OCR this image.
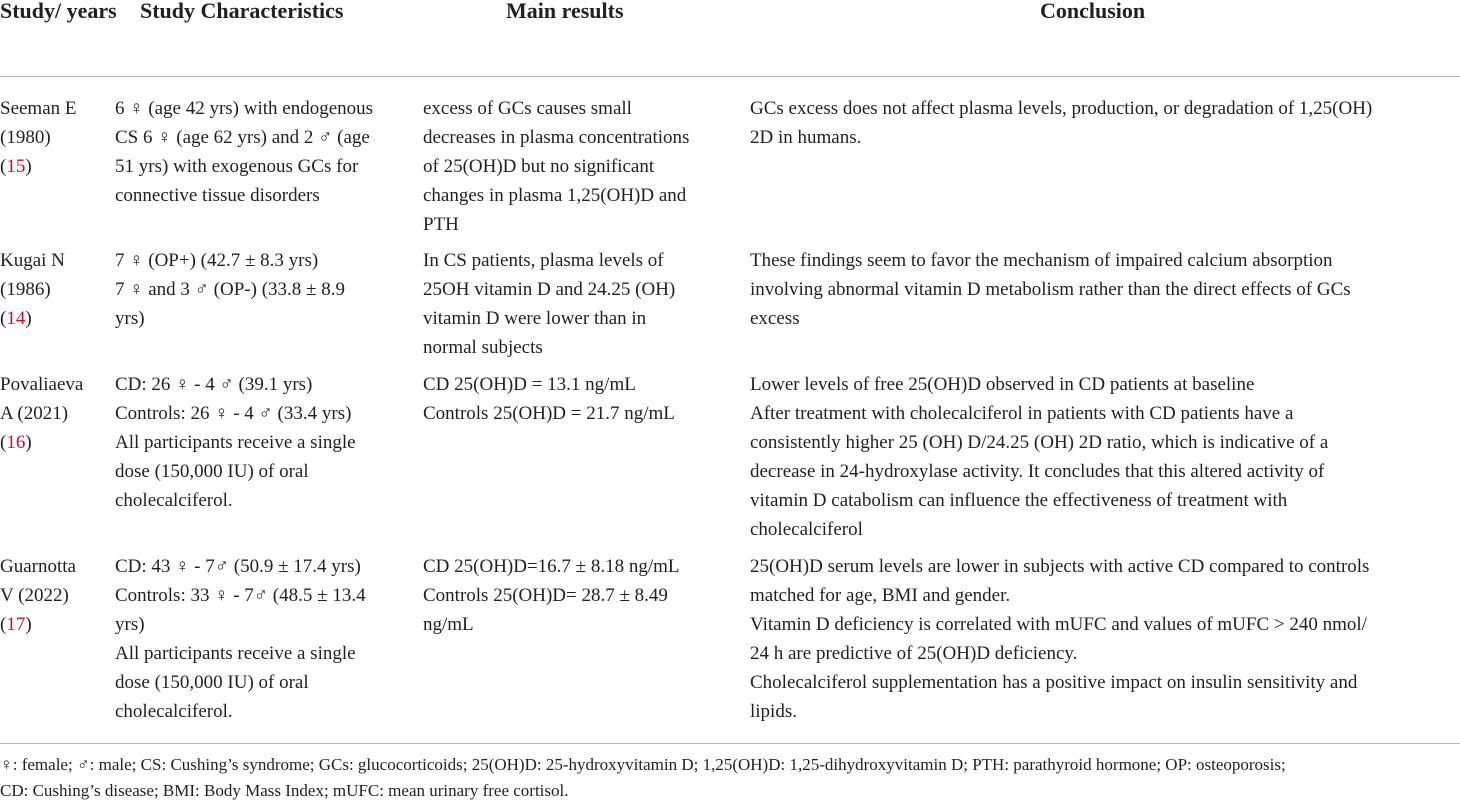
Study/ years Study Characteristics	Main results	Conclusion
Seeman E
(1980)
(15)
6 ♀ (age 42 yrs) with endogenous
CS 6 ♀ (age 62 yrs) and 2 ♂ (age
51 yrs) with exogenous GCs for
connective tissue disorders
excess of GCs causes small
decreases in plasma concentrations
of 25(OH)D but no significant
changes in plasma 1,25(OH)D and
PTH
GCs excess does not affect plasma levels, production, or degradation of 1,25(OH)
2D in humans.
Kugai N
(1986)
(14)
7 ♀ (OP+) (42.7 ± 8.3 yrs)
7 ♀ and 3 ♂ (OP-) (33.8 ± 8.9
yrs)
In CS patients, plasma levels of
25OH vitamin D and 24.25 (OH)
vitamin D were lower than in
normal subjects
These findings seem to favor the mechanism of impaired calcium absorption
involving abnormal vitamin D metabolism rather than the direct effects of GCs
excess
Povaliaeva
A (2021)
(16)
CD: 26 ♀ - 4 ♂ (39.1 yrs)
Controls: 26 ♀ - 4 ♂ (33.4 yrs)
All participants receive a single
dose (150,000 IU) of oral
cholecalciferol.
CD 25(OH)D = 13.1 ng/mL
Controls 25(OH)D = 21.7 ng/mL
Lower levels of free 25(OH)D observed in CD patients at baseline
After treatment with cholecalciferol in patients with CD patients have a
consistently higher 25 (OH) D/24.25 (OH) 2D ratio, which is indicative of a
decrease in 24-hydroxylase activity. It concludes that this altered activity of
vitamin D catabolism can influence the effectiveness of treatment with
cholecalciferol
Guarnotta
V (2022)
(17)
CD: 43 ♀ - 7♂ (50.9 ± 17.4 yrs)
Controls: 33 ♀ - 7♂ (48.5 ± 13.4
yrs)
All participants receive a single
dose (150,000 IU) of oral
cholecalciferol.
CD 25(OH)D=16.7 ± 8.18 ng/mL
Controls 25(OH)D= 28.7 ± 8.49
ng/mL
25(OH)D serum levels are lower in subjects with active CD compared to controls
matched for age, BMI and gender.
Vitamin D deficiency is correlated with mUFC and values of mUFC > 240 nmol/
24 h are predictive of 25(OH)D deficiency.
Cholecalciferol supplementation has a positive impact on insulin sensitivity and
lipids.
♀: female; ♂: male; CS: Cushing’s syndrome; GCs: glucocorticoids; 25(OH)D: 25-hydroxyvitamin D; 1,25(OH)D: 1,25-dihydroxyvitamin D; PTH: parathyroid hormone; OP: osteoporosis;
CD: Cushing’s disease; BMI: Body Mass Index; mUFC: mean urinary free cortisol.
